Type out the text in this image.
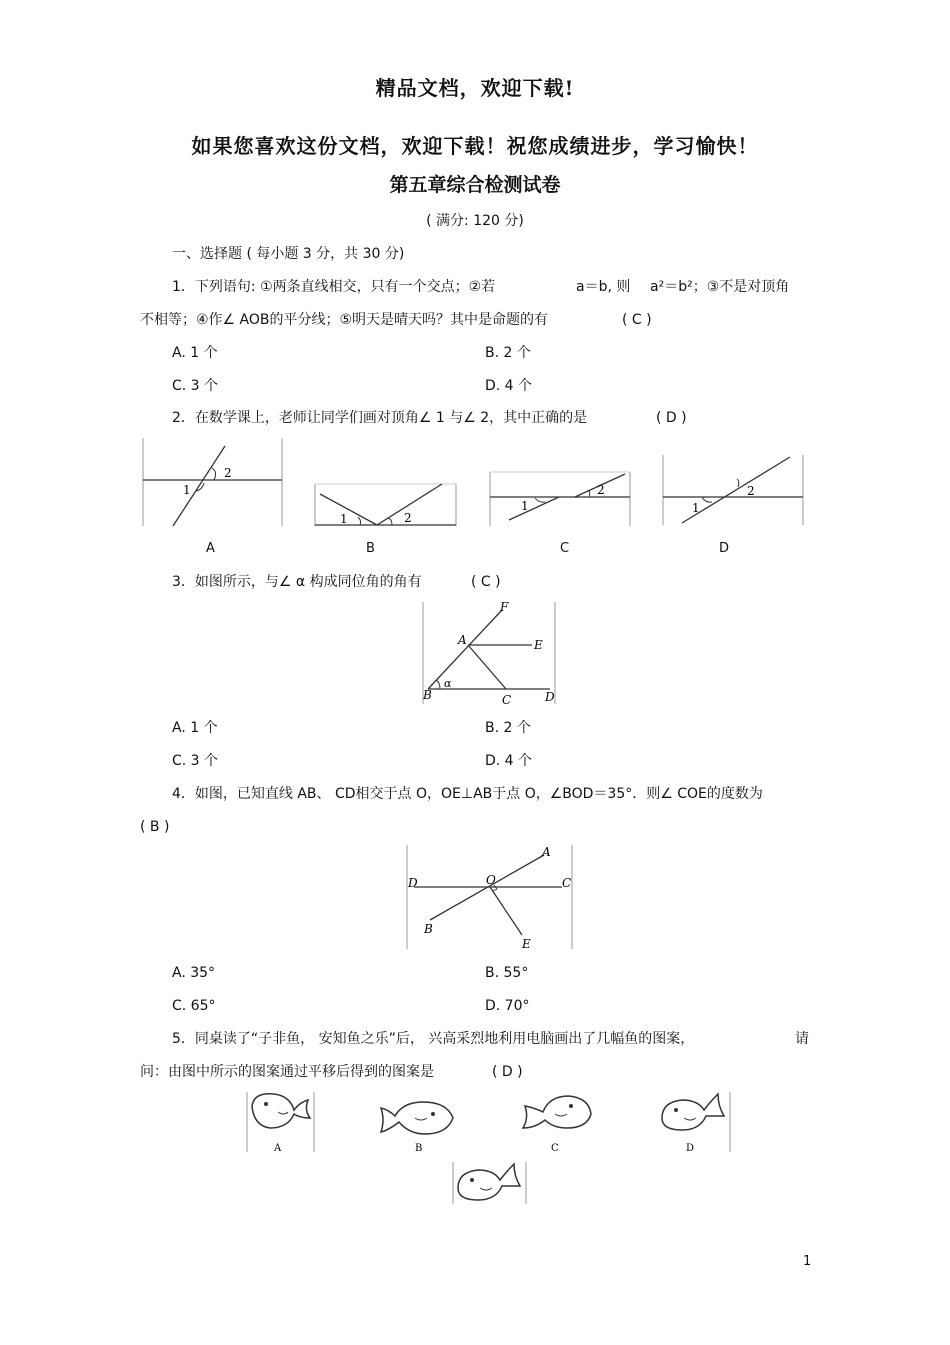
精品文档，欢迎下载!
如果您喜欢这份文档，欢迎下载！祝您成绩进步，学习愉快！
第五章综合检测试卷
( 满分: 120 分)
一、选择题 ( 每小题 3 分，共 30 分)
1．下列语句: ①两条直线相交，只有一个交点；②若	a＝b, 则 a²＝b²；③不是对顶角
不相等；④作∠ AOB的平分线；⑤明天是晴天吗？其中是命题的有	( C )
A. 1 个	B. 2 个
C. 3 个	D. 4 个
2．在数学课上，老师让同学们画对顶角∠ 1 与∠ 2，其中正确的是	( D )
1
2
1	2
1
2
1
2
A	B	C	D
3．如图所示，与∠ α 构成同位角的角有	( C )
F
A	E
B
α
C	D
A. 1 个	B. 2 个
C. 3 个	D. 4 个
4．如图，已知直线 AB、 CD相交于点 O，OE⊥AB于点 O，∠BOD＝35°．则∠ COE的度数为
( B )
A
D	O	C
B
E
A. 35°	B. 55°
C. 65°	D. 70°
5．同桌读了“子非鱼， 安知鱼之乐”后， 兴高采烈地利用电脑画出了几幅鱼的图案，	请
问：由图中所示的图案通过平移后得到的图案是	( D )
A	B	C	D
1
